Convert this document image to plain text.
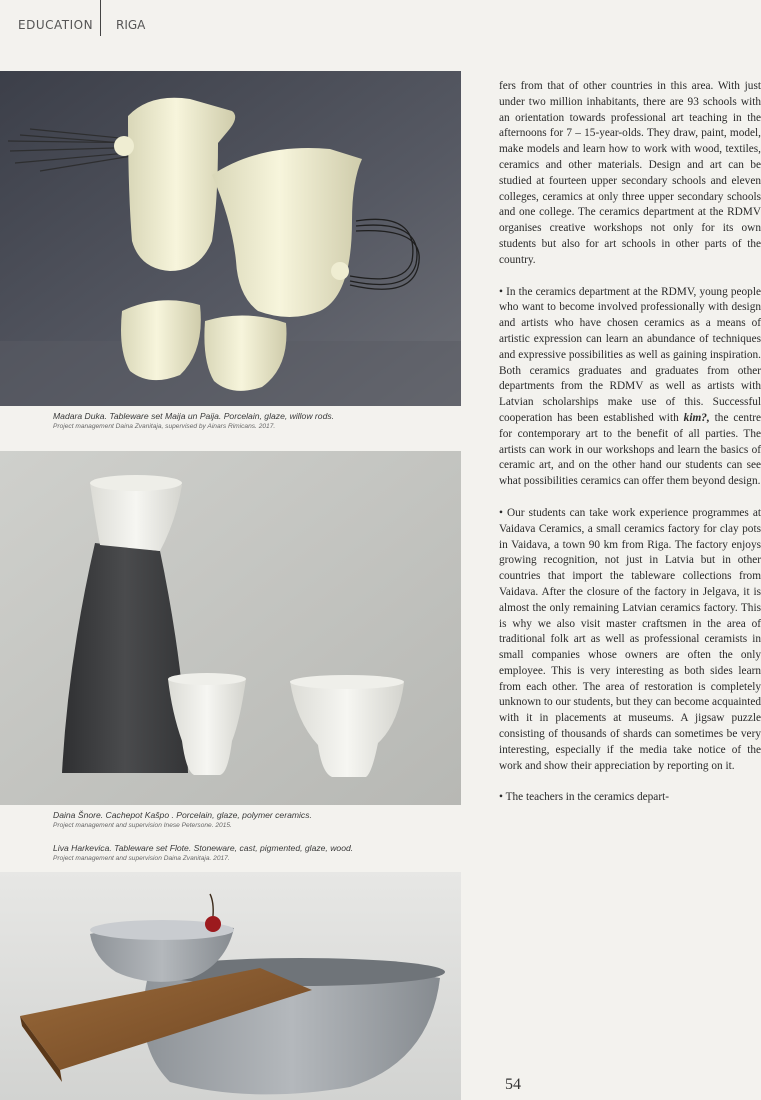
EDUCATION RIGA
Madara Duka. Tableware set Maija un Paija. Porcelain, glaze, willow rods.
Project management Daina Zvanitaja, supervised by Ainars Rimicans. 2017.
Daina Šnore. Cachepot Kašpo . Porcelain, glaze, polymer ceramics.
Project management and supervision Inese Petersone. 2015.
Liva Harkevica. Tableware set Flote. Stoneware, cast, pigmented, glaze, wood.
Project management and supervision Daina Zvanitaja. 2017.

fers from that of other countries in this area. With just under two million inhabitants, there are 93 schools with an orientation towards professional art teaching in the afternoons for 7 – 15-year-olds. They draw, paint, model, make models and learn how to work with wood, textiles, ceramics and other materials. Design and art can be studied at fourteen upper secondary schools and eleven colleges, ceramics at only three upper secondary schools and one college. The ceramics department at the RDMV organises creative workshops not only for its own students but also for art schools in other parts of the country.

• In the ceramics department at the RDMV, young people who want to become involved professionally with design and artists who have chosen ceramics as a means of artistic expression can learn an abundance of techniques and expressive possibilities as well as gaining inspiration. Both ceramics graduates and graduates from other departments from the RDMV as well as artists with Latvian scholarships make use of this. Successful cooperation has been established with kim?, the centre for contemporary art to the benefit of all parties. The artists can work in our workshops and learn the basics of ceramic art, and on the other hand our students can see what possibilities ceramics can offer them beyond design.

• Our students can take work experience programmes at Vaidava Ceramics, a small ceramics factory for clay pots in Vaidava, a town 90 km from Riga. The factory enjoys growing recognition, not just in Latvia but in other countries that import the tableware collections from Vaidava. After the closure of the factory in Jelgava, it is almost the only remaining Latvian ceramics factory. This is why we also visit master craftsmen in the area of traditional folk art as well as professional ceramists in small companies whose owners are often the only employee. This is very interesting as both sides learn from each other. The area of restoration is completely unknown to our students, but they can become acquainted with it in placements at museums. A jigsaw puzzle consisting of thousands of shards can sometimes be very interesting, especially if the media take notice of the work and show their appreciation by reporting on it.

• The teachers in the ceramics depart-

54
